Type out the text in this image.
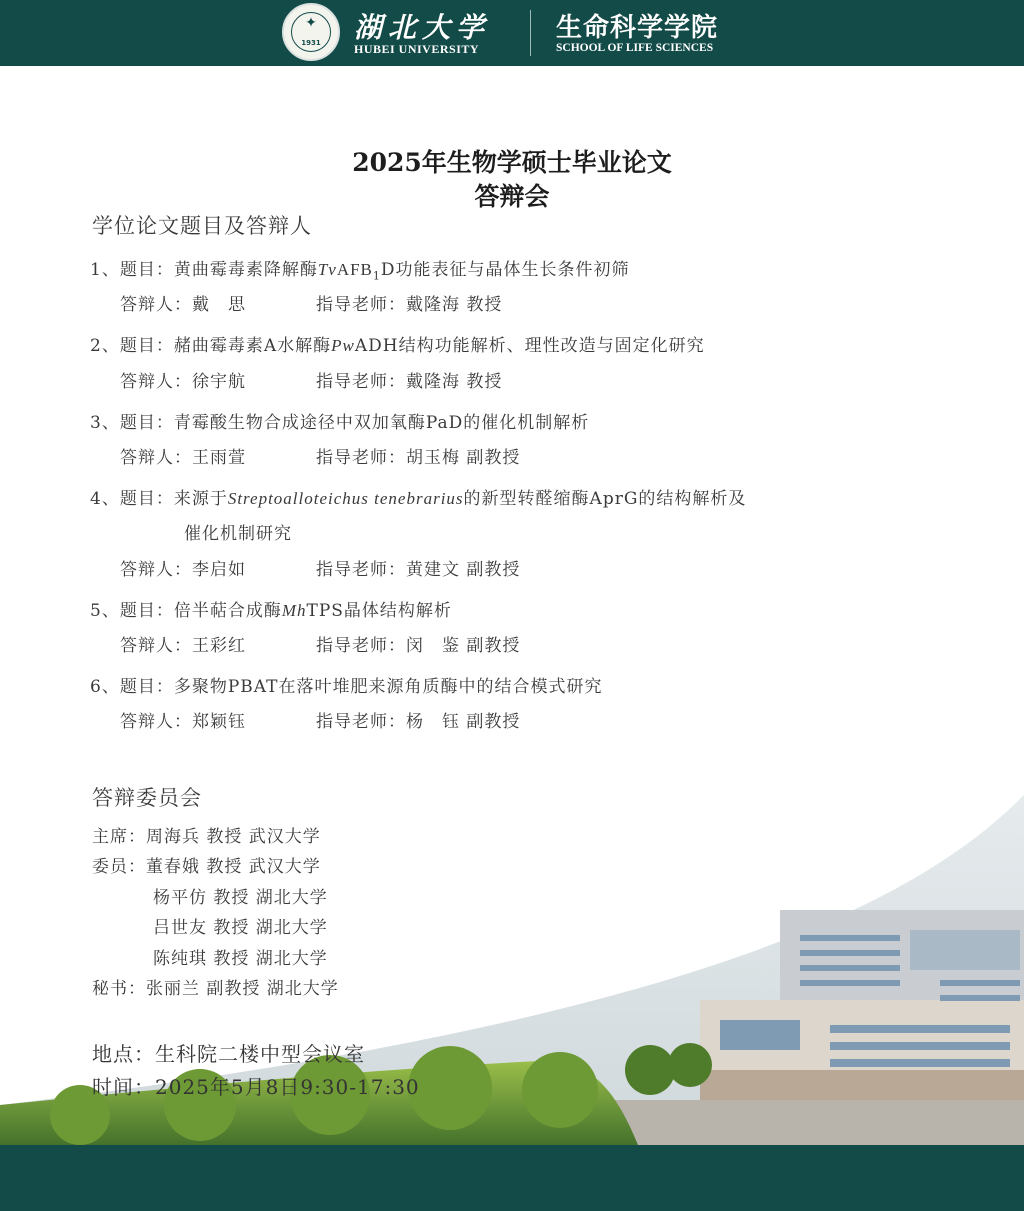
✦
1931	湖北大学
HUBEI UNIVERSITY
生命科学学院
SCHOOL OF LIFE SCIENCES
2025年生物学硕士毕业论文
答辩会
学位论文题目及答辩人
1、题目：黄曲霉毒素降解酶TvAFB$_1$D功能表征与晶体生长条件初筛
答辩人：戴　思	指导老师：戴隆海 教授
2、题目：赭曲霉毒素A水解酶PwADH结构功能解析、理性改造与固定化研究
答辩人：徐宇航	指导老师：戴隆海 教授
3、题目：青霉酸生物合成途径中双加氧酶PaD的催化机制解析
答辩人：王雨萱	指导老师：胡玉梅 副教授
4、题目：来源于Streptoalloteichus tenebrarius的新型转醛缩酶AprG的结构解析及
催化机制研究
答辩人：李启如	指导老师：黄建文 副教授
5、题目：倍半萜合成酶MhTPS晶体结构解析
答辩人：王彩红	指导老师：闵　鉴 副教授
6、题目：多聚物PBAT在落叶堆肥来源角质酶中的结合模式研究
答辩人：郑颖钰	指导老师：杨　钰 副教授
答辩委员会
主席：周海兵 教授 武汉大学
委员：董春娥 教授 武汉大学
杨平仿 教授 湖北大学
吕世友 教授 湖北大学
陈纯琪 教授 湖北大学
秘书：张丽兰 副教授 湖北大学
地点：生科院二楼中型会议室
时间：2025年5月8日9:30-17:30
